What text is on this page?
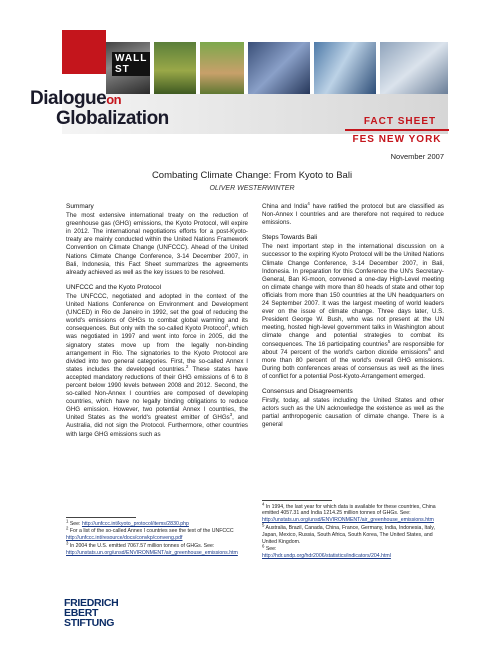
WALL ST
Dialogueon
Globalization	FACT SHEET
FES NEW YORK
November 2007
Combating Climate Change: From Kyoto to Bali
OLIVER WESTERWINTER
Summary

The most extensive international treaty on the reduction of greenhouse gas (GHG) emissions, the Kyoto Protocol, will expire in 2012. The international negotiations efforts for a post-Kyoto-treaty are mainly conducted within the United Nations Framework Convention on Climate Change (UNFCCC). Ahead of the United Nations Climate Change Conference, 3-14 December 2007, in Bali, Indonesia, this Fact Sheet summarizes the agreements already achieved as well as the key issues to be resolved.

UNFCCC and the Kyoto Protocol

The UNFCCC, negotiated and adopted in the context of the United Nations Conference on Environment and Development (UNCED) in Rio de Janeiro in 1992, set the goal of reducing the world's emissions of GHGs to combat global warming and its consequences. But only with the so-called Kyoto Protocol$^1$, which was negotiated in 1997 and went into force in 2005, did the signatory states move up from the legally non-binding arrangement in Rio. The signatories to the Kyoto Protocol are divided into two general categories. First, the so-called Annex I states includes the developed countries.$^2$ These states have accepted mandatory reductions of their GHG emissions of 6 to 8 percent below 1990 levels between 2008 and 2012. Second, the so-called Non-Annex I countries are composed of developing countries, which have no legally binding obligations to reduce GHG emission. However, two potential Annex I countries, the United States as the world's greatest emitter of GHGs$^3$, and Australia, did not sign the Protocol. Furthermore, other countries with large GHG emissions such as

China and India$^4$ have ratified the protocol but are classified as Non-Annex I countries and are therefore not required to reduce emissions.

Steps Towards Bali

The next important step in the international discussion on a successor to the expiring Kyoto Protocol will be the United Nations Climate Change Conference, 3-14 December 2007, in Bali, Indonesia. In preparation for this Conference the UN's Secretary-General, Ban Ki-moon, convened a one-day High-Level meeting on climate change with more than 80 heads of state and other top officials from more than 150 countries at the UN headquarters on 24 September 2007. It was the largest meeting of world leaders ever on the issue of climate change. Three days later, U.S. President George W. Bush, who was not present at the UN meeting, hosted high-level government talks in Washington about climate change and potential strategies to combat its consequences. The 16 participating countries$^5$ are responsible for about 74 percent of the world's carbon dioxide emissions$^6$ and more than 80 percent of the world's overall GHG emissions. During both conferences areas of consensus as well as the lines of conflict for a potential Post-Kyoto-Arrangement emerged.

Consensus and Disagreements

Firstly, today, all states including the United States and other actors such as the UN acknowledge the existence as well as the partial anthropogenic causation of climate change. There is a general

$^1$ See: http://unfccc.int/kyoto_protocol/items/2830.php
$^2$ For a list of the so-called Annex I countries see the text of the UNFCCC
http://unfccc.int/resource/docs/convkp/conveng.pdf
$^3$ In 2004 the U.S. emitted 7067.57 million tonnes of GHGs. See:
http://unstats.un.org/unsd/ENVIRONMENT/air_greenhouse_emissions.htm
$^4$ In 1994, the last year for which data is available for these countries, China emitted 4057.31 and India 1214.25 million tonnes of GHGs. See:
http://unstats.un.org/unsd/ENVIRONMENT/air_greenhouse_emissions.htm
$^5$ Australia, Brazil, Canada, China, France, Germany, India, Indonesia, Italy, Japan, Mexico, Russia, South Africa, South Korea, The United States, and United Kingdom.
$^6$ See:
http://hdr.undp.org/hdr2006/statistics/indicators/204.html
FRIEDRICH
EBERT
STIFTUNG
